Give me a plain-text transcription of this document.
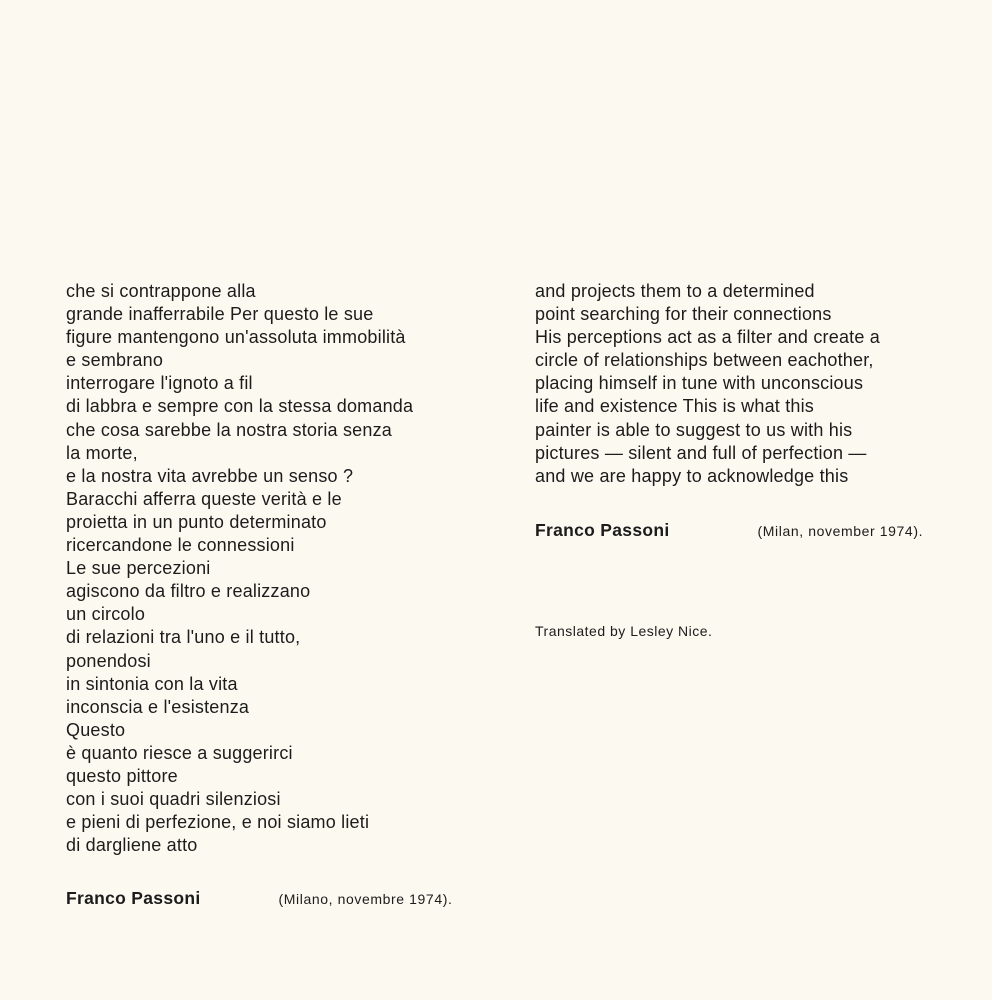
che si contrappone alla
grande inafferrabile Per questo le sue
figure mantengono un'assoluta immobilità
e sembrano
interrogare l'ignoto a fil
di labbra e sempre con la stessa domanda
che cosa sarebbe la nostra storia senza
la morte,
e la nostra vita avrebbe un senso ?
Baracchi afferra queste verità e le
proietta in un punto determinato
ricercandone le connessioni
Le sue percezioni
agiscono da filtro e realizzano
un circolo
di relazioni tra l'uno e il tutto,
ponendosi
in sintonia con la vita
inconscia e l'esistenza
Questo
è quanto riesce a suggerirci
questo pittore
con i suoi quadri silenziosi
e pieni di perfezione, e noi siamo lieti
di dargliene atto
Franco Passoni	(Milano, novembre 1974).
and projects them to a determined
point searching for their connections
His perceptions act as a filter and create a
circle of relationships between eachother,
placing himself in tune with unconscious
life and existence This is what this
painter is able to suggest to us with his
pictures — silent and full of perfection —
and we are happy to acknowledge this
Franco Passoni	(Milan, november 1974).
Translated by Lesley Nice.
